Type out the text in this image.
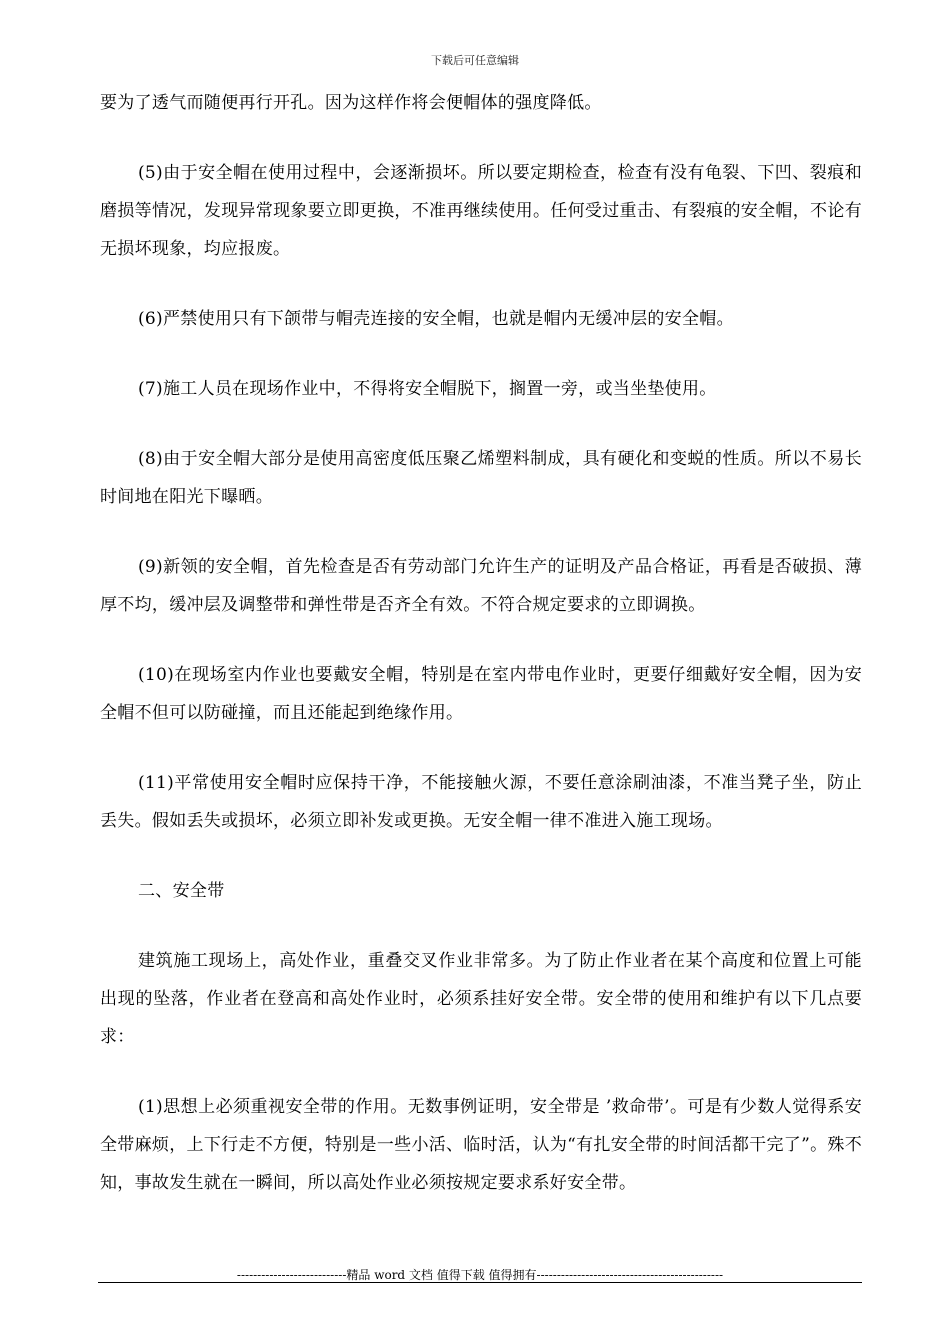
下载后可任意编辑

要为了透气而随便再行开孔。因为这样作将会便帽体的强度降低。

(5)由于安全帽在使用过程中，会逐渐损坏。所以要定期检查，检查有没有龟裂、下凹、裂痕和磨损等情况，发现异常现象要立即更换，不准再继续使用。任何受过重击、有裂痕的安全帽，不论有无损坏现象，均应报废。

(6)严禁使用只有下颌带与帽壳连接的安全帽，也就是帽内无缓冲层的安全帽。

(7)施工人员在现场作业中，不得将安全帽脱下，搁置一旁，或当坐垫使用。

(8)由于安全帽大部分是使用高密度低压聚乙烯塑料制成，具有硬化和变蜕的性质。所以不易长时间地在阳光下曝晒。

(9)新领的安全帽，首先检查是否有劳动部门允许生产的证明及产品合格证，再看是否破损、薄厚不均，缓冲层及调整带和弹性带是否齐全有效。不符合规定要求的立即调换。

(10)在现场室内作业也要戴安全帽，特别是在室内带电作业时，更要仔细戴好安全帽，因为安全帽不但可以防碰撞，而且还能起到绝缘作用。

(11)平常使用安全帽时应保持干净，不能接触火源，不要任意涂刷油漆，不准当凳子坐，防止丢失。假如丢失或损坏，必须立即补发或更换。无安全帽一律不准进入施工现场。

二、安全带

建筑施工现场上，高处作业，重叠交叉作业非常多。为了防止作业者在某个高度和位置上可能出现的坠落，作业者在登高和高处作业时，必须系挂好安全带。安全带的使用和维护有以下几点要求：

(1)思想上必须重视安全带的作用。无数事例证明，安全带是 ’救命带’。可是有少数人觉得系安全带麻烦，上下行走不方便，特别是一些小活、临时活，认为“有扎安全带的时间活都干完了”。殊不知，事故发生就在一瞬间，所以高处作业必须按规定要求系好安全带。

---------------------------精品 word 文档 值得下载 值得拥有----------------------------------------------
